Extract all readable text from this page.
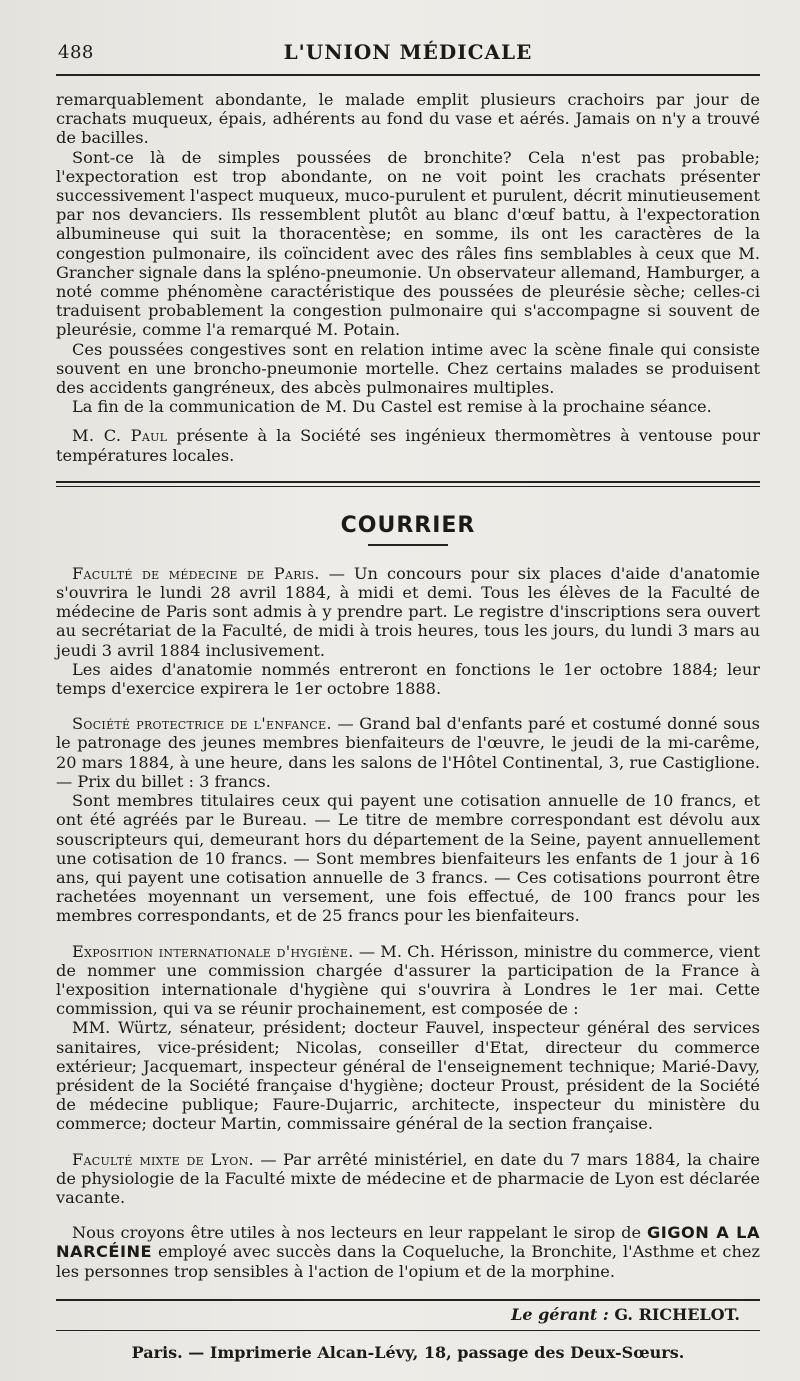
488	L'UNION MÉDICALE

remarquablement abondante, le malade emplit plusieurs crachoirs par jour de crachats muqueux, épais, adhérents au fond du vase et aérés. Jamais on n'y a trouvé de bacilles.

Sont-ce là de simples poussées de bronchite? Cela n'est pas probable; l'expectoration est trop abondante, on ne voit point les crachats présenter successivement l'aspect muqueux, muco-purulent et purulent, décrit minutieusement par nos devanciers. Ils ressemblent plutôt au blanc d'œuf battu, à l'expectoration albumineuse qui suit la thoracentèse; en somme, ils ont les caractères de la congestion pulmonaire, ils coïncident avec des râles fins semblables à ceux que M. Grancher signale dans la spléno-pneumonie. Un observateur allemand, Hamburger, a noté comme phénomène caractéristique des poussées de pleurésie sèche; celles-ci traduisent probablement la congestion pulmonaire qui s'accompagne si souvent de pleurésie, comme l'a remarqué M. Potain.

Ces poussées congestives sont en relation intime avec la scène finale qui consiste souvent en une broncho-pneumonie mortelle. Chez certains malades se produisent des accidents gangréneux, des abcès pulmonaires multiples.

La fin de la communication de M. Du Castel est remise à la prochaine séance.

M. C. Paul présente à la Société ses ingénieux thermomètres à ventouse pour températures locales.

COURRIER

Faculté de médecine de Paris. — Un concours pour six places d'aide d'anatomie s'ouvrira le lundi 28 avril 1884, à midi et demi. Tous les élèves de la Faculté de médecine de Paris sont admis à y prendre part. Le registre d'inscriptions sera ouvert au secrétariat de la Faculté, de midi à trois heures, tous les jours, du lundi 3 mars au jeudi 3 avril 1884 inclusivement.

Les aides d'anatomie nommés entreront en fonctions le 1er octobre 1884; leur temps d'exercice expirera le 1er octobre 1888.

Société protectrice de l'enfance. — Grand bal d'enfants paré et costumé donné sous le patronage des jeunes membres bienfaiteurs de l'œuvre, le jeudi de la mi-carême, 20 mars 1884, à une heure, dans les salons de l'Hôtel Continental, 3, rue Castiglione. — Prix du billet : 3 francs.

Sont membres titulaires ceux qui payent une cotisation annuelle de 10 francs, et ont été agréés par le Bureau. — Le titre de membre correspondant est dévolu aux souscripteurs qui, demeurant hors du département de la Seine, payent annuellement une cotisation de 10 francs. — Sont membres bienfaiteurs les enfants de 1 jour à 16 ans, qui payent une cotisation annuelle de 3 francs. — Ces cotisations pourront être rachetées moyennant un versement, une fois effectué, de 100 francs pour les membres correspondants, et de 25 francs pour les bienfaiteurs.

Exposition internationale d'hygiène. — M. Ch. Hérisson, ministre du commerce, vient de nommer une commission chargée d'assurer la participation de la France à l'exposition internationale d'hygiène qui s'ouvrira à Londres le 1er mai. Cette commission, qui va se réunir prochainement, est composée de :

MM. Würtz, sénateur, président; docteur Fauvel, inspecteur général des services sanitaires, vice-président; Nicolas, conseiller d'Etat, directeur du commerce extérieur; Jacquemart, inspecteur général de l'enseignement technique; Marié-Davy, président de la Société française d'hygiène; docteur Proust, président de la Société de médecine publique; Faure-Dujarric, architecte, inspecteur du ministère du commerce; docteur Martin, commissaire général de la section française.

Faculté mixte de Lyon. — Par arrêté ministériel, en date du 7 mars 1884, la chaire de physiologie de la Faculté mixte de médecine et de pharmacie de Lyon est déclarée vacante.

Nous croyons être utiles à nos lecteurs en leur rappelant le sirop de GIGON A LA NARCÉINE employé avec succès dans la Coqueluche, la Bronchite, l'Asthme et chez les personnes trop sensibles à l'action de l'opium et de la morphine.

Le gérant : G. RICHELOT.
Paris. — Imprimerie Alcan-Lévy, 18, passage des Deux-Sœurs.
